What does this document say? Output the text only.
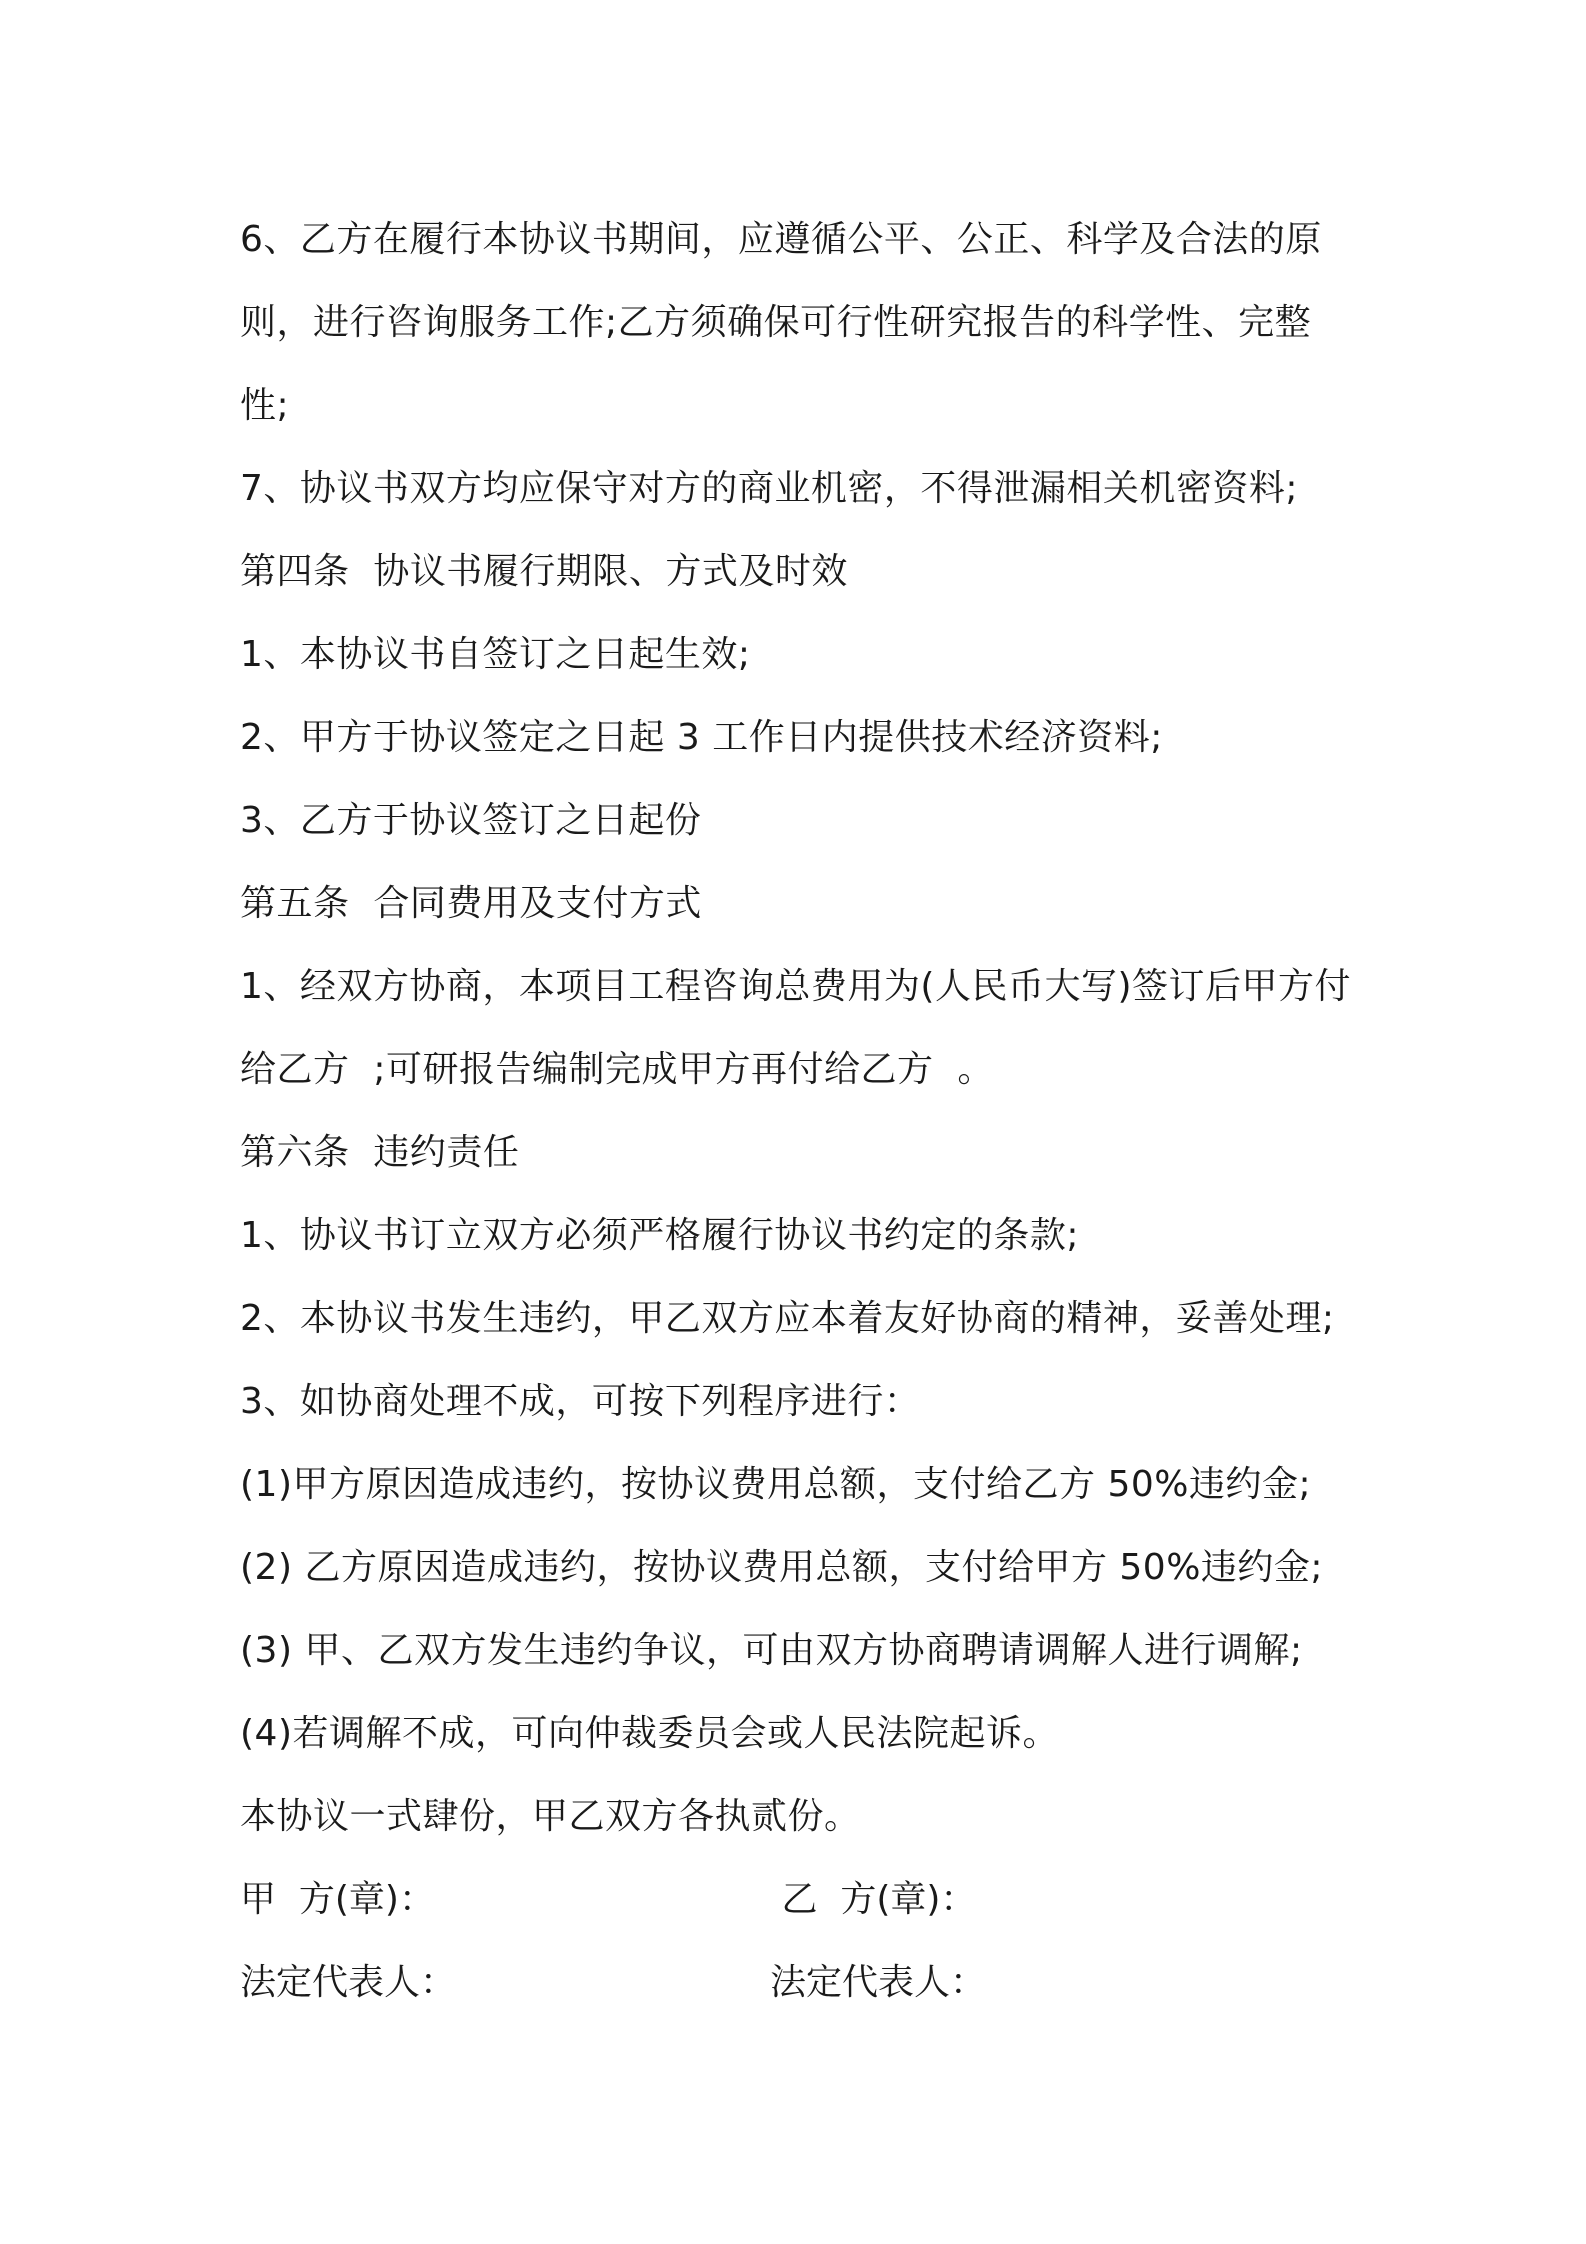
6、乙方在履行本协议书期间，应遵循公平、公正、科学及合法的原则，进行咨询服务工作;乙方须确保可行性研究报告的科学性、完整性;

7、协议书双方均应保守对方的商业机密，不得泄漏相关机密资料;

第四条  协议书履行期限、方式及时效

1、本协议书自签订之日起生效;

2、甲方于协议签定之日起 3 工作日内提供技术经济资料;

3、乙方于协议签订之日起份

第五条  合同费用及支付方式

1、经双方协商，本项目工程咨询总费用为(人民币大写)签订后甲方付给乙方  ;可研报告编制完成甲方再付给乙方  。

第六条  违约责任

1、协议书订立双方必须严格履行协议书约定的条款;

2、本协议书发生违约，甲乙双方应本着友好协商的精神，妥善处理;3、如协商处理不成，可按下列程序进行：

(1)甲方原因造成违约，按协议费用总额，支付给乙方 50%违约金;

(2) 乙方原因造成违约，按协议费用总额，支付给甲方 50%违约金;

(3) 甲、乙双方发生违约争议，可由双方协商聘请调解人进行调解;

(4)若调解不成，可向仲裁委员会或人民法院起诉。

本协议一式肆份，甲乙双方各执贰份。

甲  方(章)：	乙  方(章)：
法定代表人：	法定代表人：
